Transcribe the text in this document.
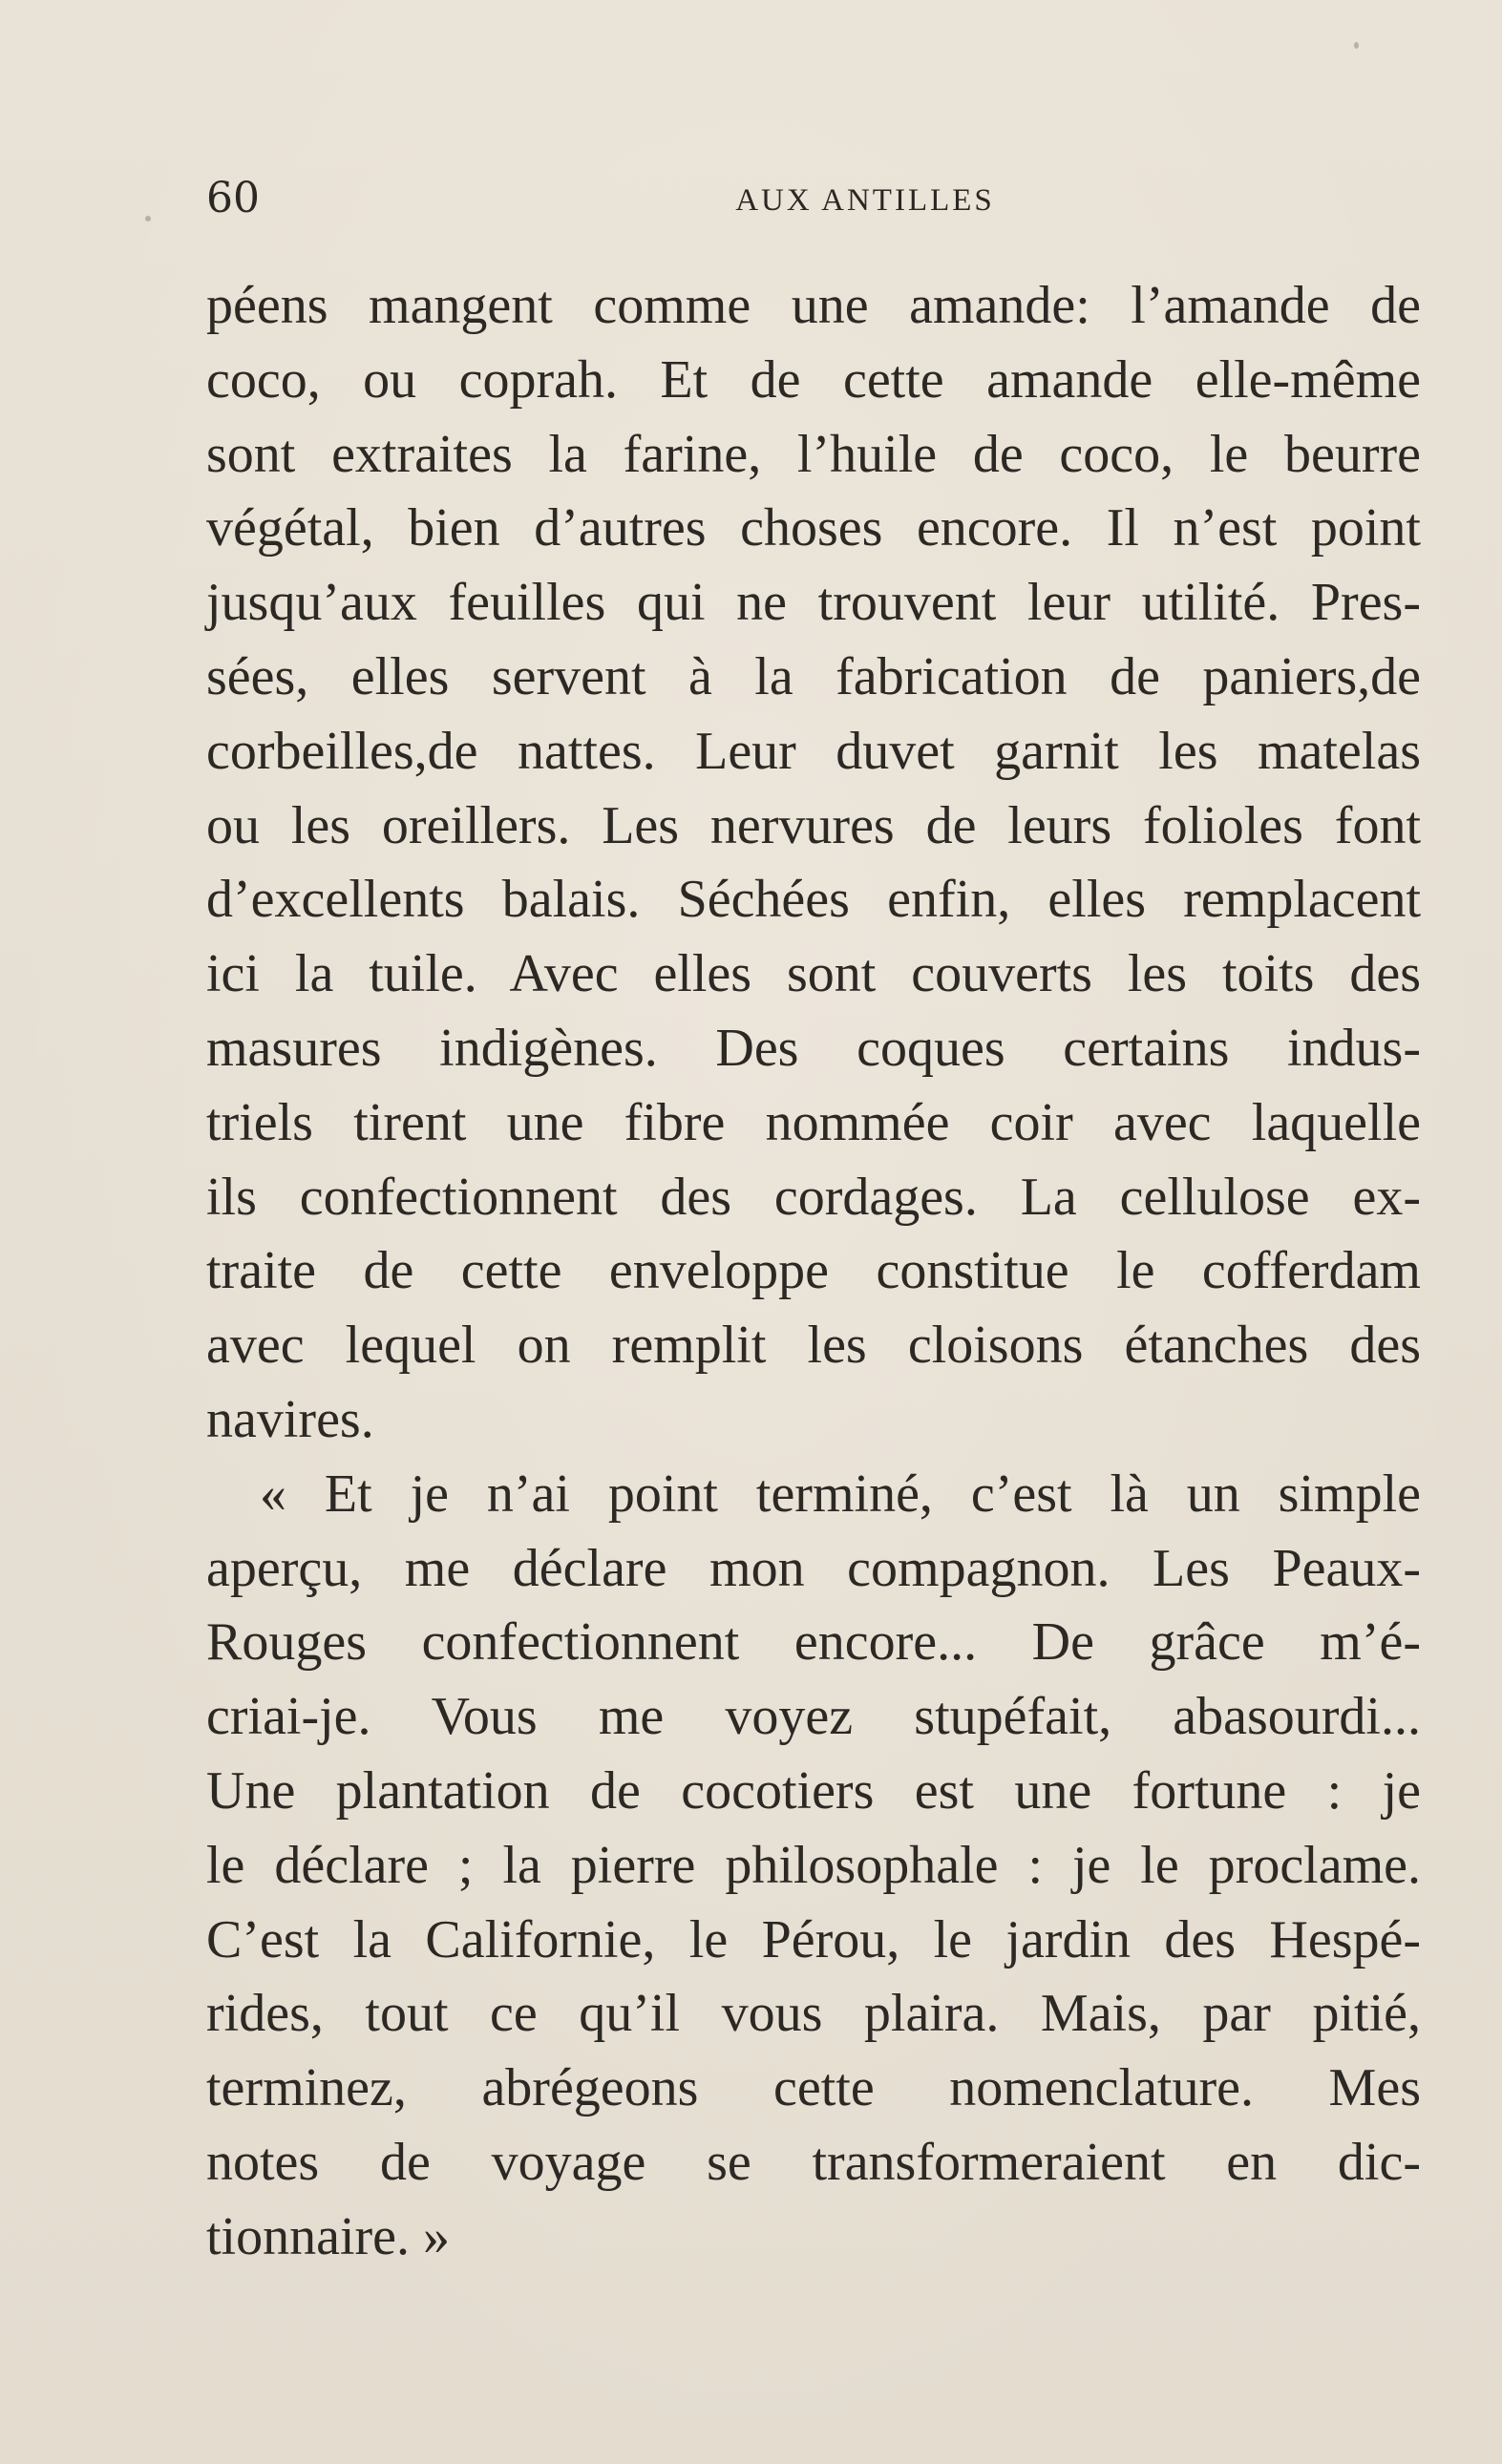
60	AUX ANTILLES
péens mangent comme une amande: l’amande de
coco, ou coprah. Et de cette amande elle-même
sont extraites la farine, l’huile de coco, le beurre
végétal, bien d’autres choses encore. Il n’est point
jusqu’aux feuilles qui ne trouvent leur utilité. Pres-
sées, elles servent à la fabrication de paniers,de
corbeilles,de nattes. Leur duvet garnit les matelas
ou les oreillers. Les nervures de leurs folioles font
d’excellents balais. Séchées enfin, elles remplacent
ici la tuile. Avec elles sont couverts les toits des
masures indigènes. Des coques certains indus-
triels tirent une fibre nommée coir avec laquelle
ils confectionnent des cordages. La cellulose ex-
traite de cette enveloppe constitue le cofferdam
avec lequel on remplit les cloisons étanches des
navires.
« Et je n’ai point terminé, c’est là un simple
aperçu, me déclare mon compagnon. Les Peaux-
Rouges confectionnent encore... De grâce m’é-
criai-je. Vous me voyez stupéfait, abasourdi...
Une plantation de cocotiers est une fortune : je
le déclare ; la pierre philosophale : je le proclame.
C’est la Californie, le Pérou, le jardin des Hespé-
rides, tout ce qu’il vous plaira. Mais, par pitié,
terminez, abrégeons cette nomenclature. Mes
notes de voyage se transformeraient en dic-
tionnaire. »
